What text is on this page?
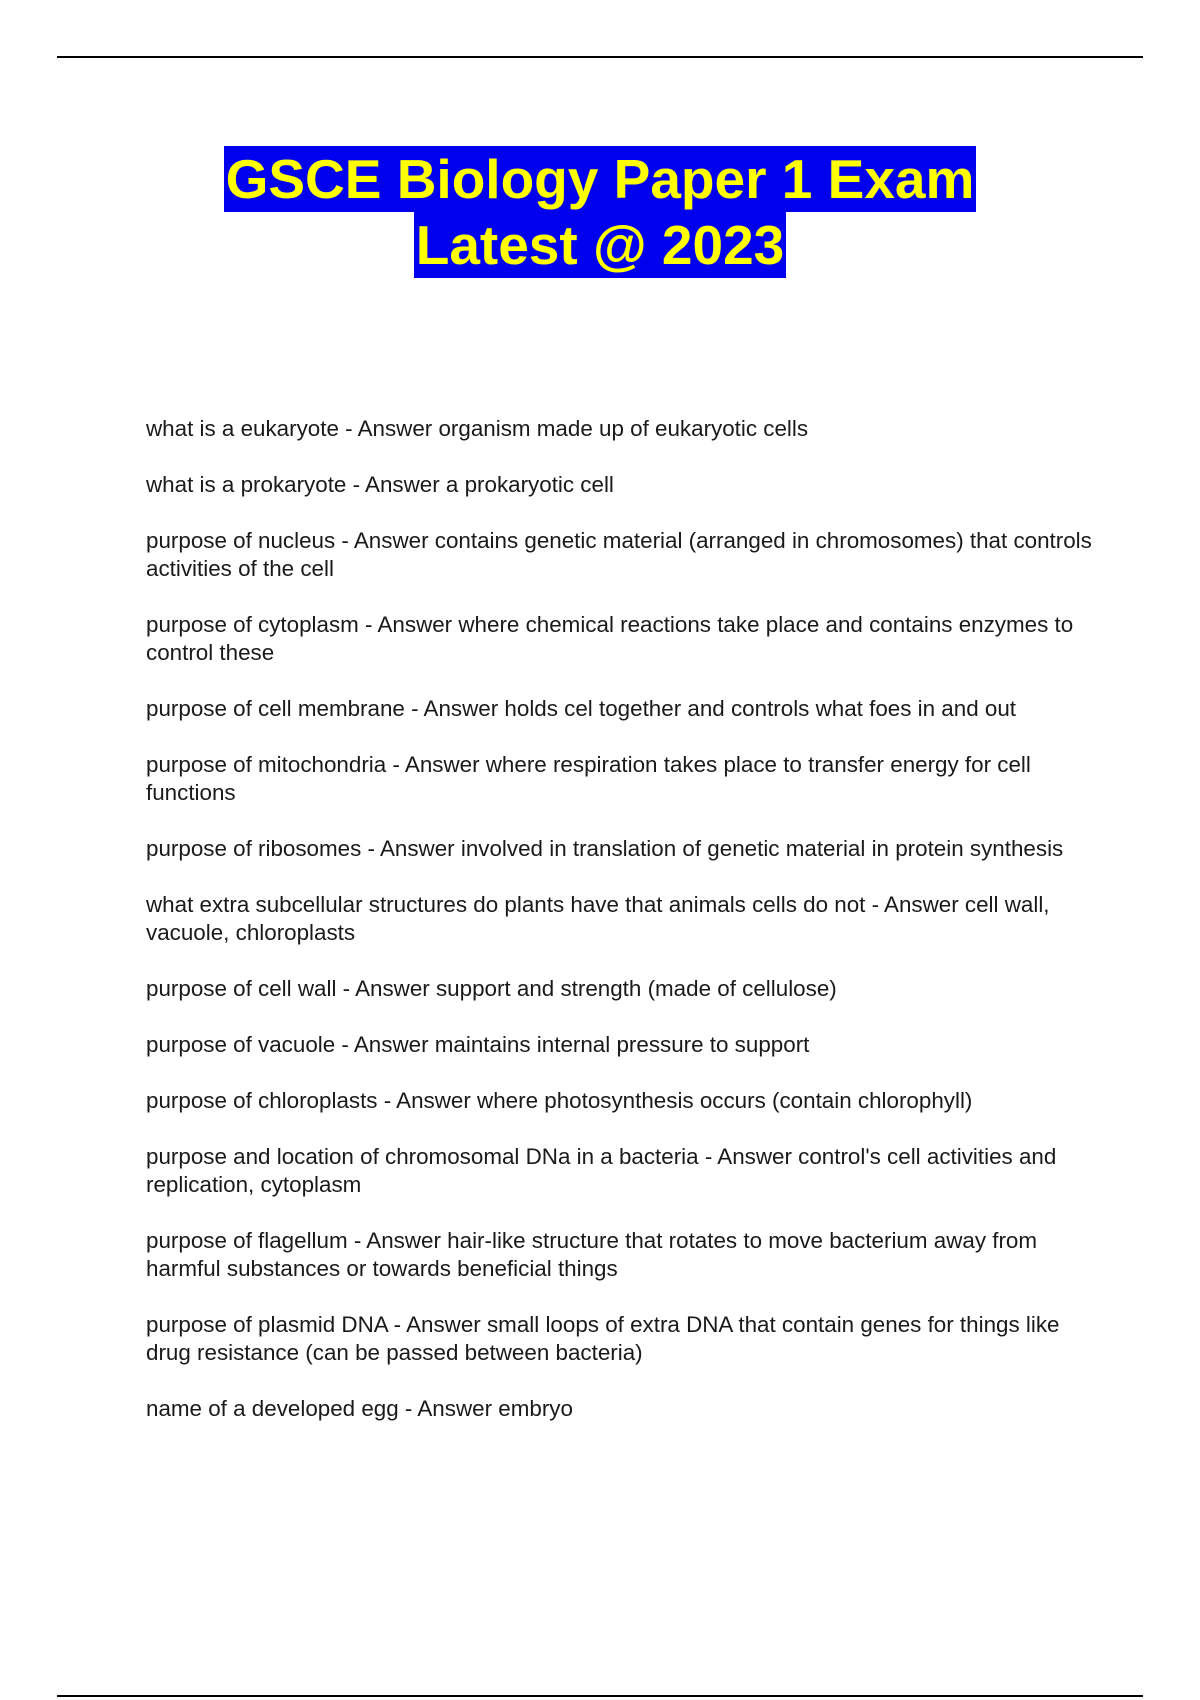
GSCE Biology Paper 1 Exam
Latest @ 2023
what is a eukaryote - Answer organism made up of eukaryotic cells
what is a prokaryote - Answer a prokaryotic cell
purpose of nucleus - Answer contains genetic material (arranged in chromosomes) that controls activities of the cell
purpose of cytoplasm - Answer where chemical reactions take place and contains enzymes to control these
purpose of cell membrane - Answer holds cel together and controls what foes in and out
purpose of mitochondria - Answer where respiration takes place to transfer energy for cell functions
purpose of ribosomes - Answer involved in translation of genetic material in protein synthesis
what extra subcellular structures do plants have that animals cells do not - Answer cell wall, vacuole, chloroplasts
purpose of cell wall - Answer support and strength (made of cellulose)
purpose of vacuole - Answer maintains internal pressure to support
purpose of chloroplasts - Answer where photosynthesis occurs (contain chlorophyll)
purpose and location of chromosomal DNa in a bacteria - Answer control's cell activities and replication, cytoplasm
purpose of flagellum - Answer hair-like structure that rotates to move bacterium away from harmful substances or towards beneficial things
purpose of plasmid DNA - Answer small loops of extra DNA that contain genes for things like drug resistance (can be passed between bacteria)
name of a developed egg - Answer embryo
